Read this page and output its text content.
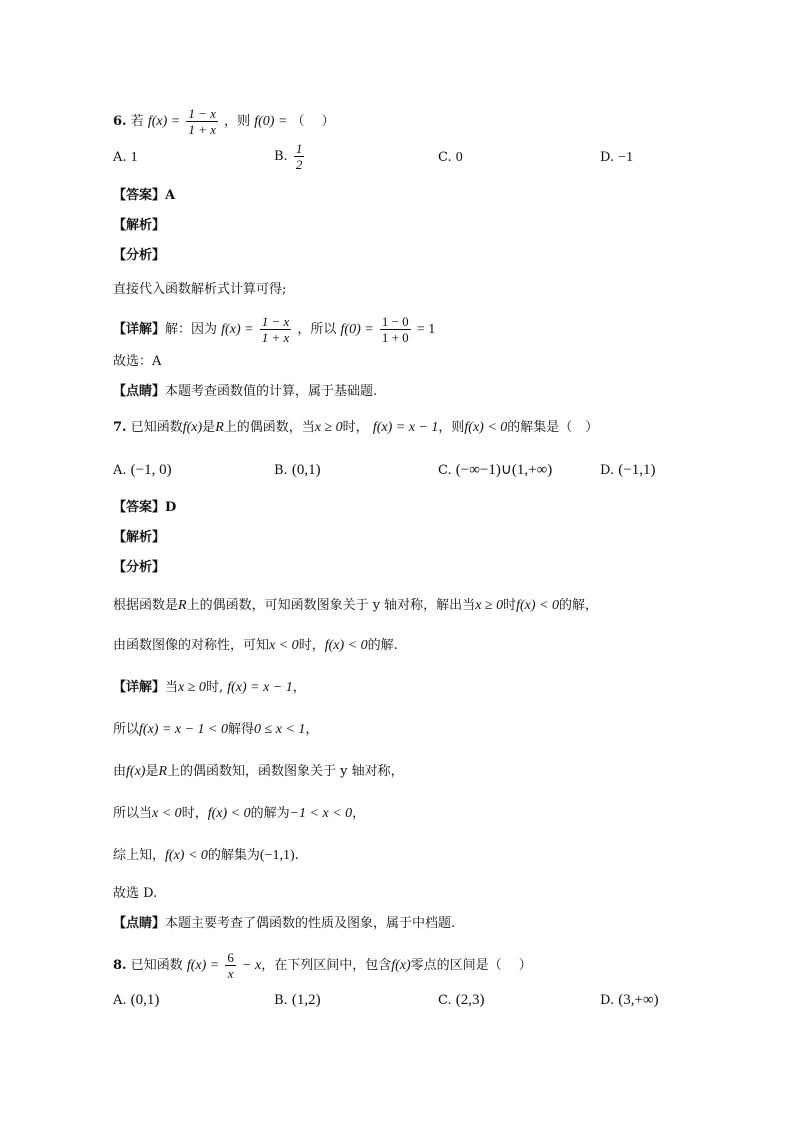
6. 若 $f(x) = \frac{1 - x}{1 + x}$ ，则 f(0) = （　 ）
A. 1	B. $\frac{1}{2}$	C. 0	D. −1
【答案】A
【解析】
【分析】
直接代入函数解析式计算可得;
【详解】解：因为 $f(x) = \frac{1 - x}{1 + x}$ ，所以 $f(0) = \frac{1 - 0}{1 + 0} = 1$
故选：A
【点睛】本题考查函数值的计算，属于基础题.
7. 已知函数f(x)是R上的偶函数，当x ≥ 0时， f(x) = x − 1，则f(x) < 0的解集是（　）
A. (−1, 0)	B. (0,1)	C. (−∞−1)∪(1,+∞)	D. (−1,1)
【答案】D
【解析】
【分析】
根据函数是R上的偶函数，可知函数图象关于 y 轴对称，解出当x ≥ 0时f(x) < 0的解，
由函数图像的对称性，可知x < 0时，f(x) < 0的解.
【详解】当x ≥ 0时, f(x) = x − 1，
所以f(x) = x − 1 < 0解得0 ≤ x < 1，
由f(x)是R上的偶函数知，函数图象关于 y 轴对称，
所以当x < 0时，f(x) < 0的解为−1 < x < 0，
综上知，f(x) < 0的解集为(−1,1).
故选 D.
【点睛】本题主要考查了偶函数的性质及图象，属于中档题.
8. 已知函数 $f(x) = \frac{6}{x} - x$，在下列区间中，包含f(x)零点的区间是（　 ）
A. (0,1)	B. (1,2)	C. (2,3)	D. (3,+∞)
